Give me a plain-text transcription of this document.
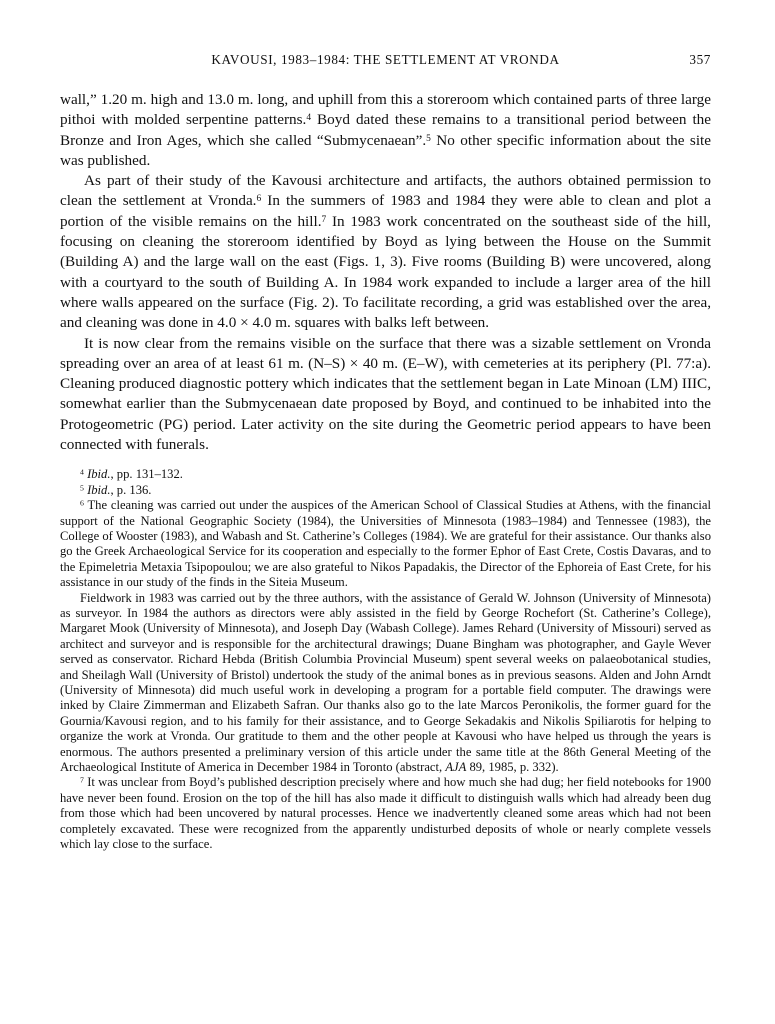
KAVOUSI, 1983–1984: THE SETTLEMENT AT VRONDA	357

wall,” 1.20 m. high and 13.0 m. long, and uphill from this a storeroom which contained parts of three large pithoi with molded serpentine patterns.$^4$ Boyd dated these remains to a transitional period between the Bronze and Iron Ages, which she called “Submycenaean”.$^5$ No other specific information about the site was published.

As part of their study of the Kavousi architecture and artifacts, the authors obtained permission to clean the settlement at Vronda.$^6$ In the summers of 1983 and 1984 they were able to clean and plot a portion of the visible remains on the hill.$^7$ In 1983 work concentrated on the southeast side of the hill, focusing on cleaning the storeroom identified by Boyd as lying between the House on the Summit (Building A) and the large wall on the east (Figs. 1, 3). Five rooms (Building B) were uncovered, along with a courtyard to the south of Building A. In 1984 work expanded to include a larger area of the hill where walls appeared on the surface (Fig. 2). To facilitate recording, a grid was established over the area, and cleaning was done in 4.0 × 4.0 m. squares with balks left between.

It is now clear from the remains visible on the surface that there was a sizable settlement on Vronda spreading over an area of at least 61 m. (N–S) × 40 m. (E–W), with cemeteries at its periphery (Pl. 77:a). Cleaning produced diagnostic pottery which indicates that the settlement began in Late Minoan (LM) IIIC, somewhat earlier than the Submycenaean date proposed by Boyd, and continued to be inhabited into the Protogeometric (PG) period. Later activity on the site during the Geometric period appears to have been connected with funerals.

$^4$ Ibid., pp. 131–132.

$^5$ Ibid., p. 136.

$^6$ The cleaning was carried out under the auspices of the American School of Classical Studies at Athens, with the financial support of the National Geographic Society (1984), the Universities of Minnesota (1983–1984) and Tennessee (1983), the College of Wooster (1983), and Wabash and St. Catherine’s Colleges (1984). We are grateful for their assistance. Our thanks also go the Greek Archaeological Service for its cooperation and especially to the former Ephor of East Crete, Costis Davaras, and to the Epimeletria Metaxia Tsipopoulou; we are also grateful to Nikos Papadakis, the Director of the Ephoreia of East Crete, for his assistance in our study of the finds in the Siteia Museum.

Fieldwork in 1983 was carried out by the three authors, with the assistance of Gerald W. Johnson (University of Minnesota) as surveyor. In 1984 the authors as directors were ably assisted in the field by George Rochefort (St. Catherine’s College), Margaret Mook (University of Minnesota), and Joseph Day (Wabash College). James Rehard (University of Missouri) served as architect and surveyor and is responsible for the architectural drawings; Duane Bingham was photographer, and Gayle Wever served as conservator. Richard Hebda (British Columbia Provincial Museum) spent several weeks on palaeobotanical studies, and Sheilagh Wall (University of Bristol) undertook the study of the animal bones as in previous seasons. Alden and John Arndt (University of Minnesota) did much useful work in developing a program for a portable field computer. The drawings were inked by Claire Zimmerman and Elizabeth Safran. Our thanks also go to the late Marcos Peronikolis, the former guard for the Gournia/Kavousi region, and to his family for their assistance, and to George Sekadakis and Nikolis Spiliarotis for helping to organize the work at Vronda. Our gratitude to them and the other people at Kavousi who have helped us through the years is enormous. The authors presented a preliminary version of this article under the same title at the 86th General Meeting of the Archaeological Institute of America in December 1984 in Toronto (abstract, AJA 89, 1985, p. 332).

$^7$ It was unclear from Boyd’s published description precisely where and how much she had dug; her field notebooks for 1900 have never been found. Erosion on the top of the hill has also made it difficult to distinguish walls which had already been dug from those which had been uncovered by natural processes. Hence we inadvertently cleaned some areas which had not been completely excavated. These were recognized from the apparently undisturbed deposits of whole or nearly complete vessels which lay close to the surface.
